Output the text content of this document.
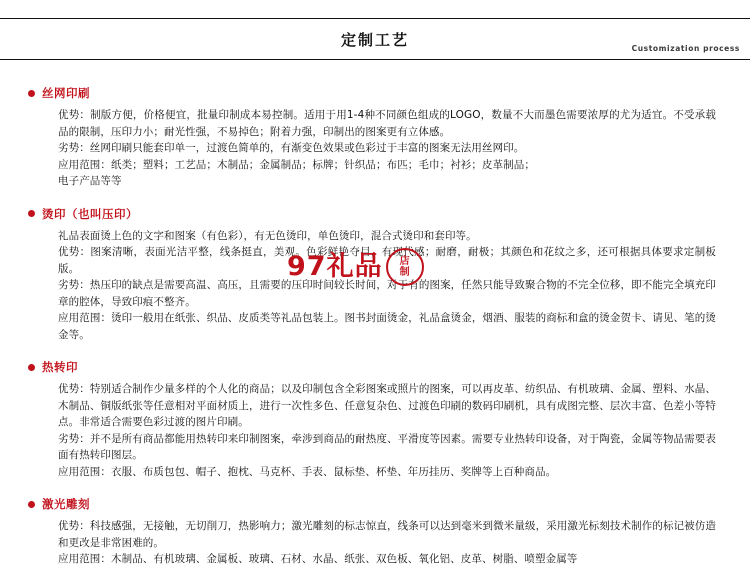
定制工艺	Customization process
丝网印刷

优势：制版方便，价格便宜，批量印制成本易控制。适用于用1-4种不同颜色组成的LOGO，数量不大而墨色需要浓厚的尤为适宜。不受承载品的限制，压印力小；耐光性强，不易掉色；附着力强，印制出的图案更有立体感。

劣势：丝网印刷只能套印单一，过渡色简单的，有渐变色效果或色彩过于丰富的图案无法用丝网印。

应用范围：纸类；塑料；工艺品；木制品；金属制品；标牌；针织品；布匹；毛巾；衬衫；皮革制品；

电子产品等等

烫印（也叫压印）

礼品表面烫上色的文字和图案（有色彩），有无色烫印，单色烫印，混合式烫印和套印等。

优势：图案清晰，表面光洁平整，线条挺直，美观。色彩鲜艳夺目，有现代感；耐磨，耐极；其颜色和花纹之多，还可根据具体要求定制板版。

劣势：热压印的缺点是需要高温、高压，且需要的压印时间较长时间，对于有的图案，任然只能导致聚合物的不完全位移，即不能完全填充印章的腔体，导致印痕不整齐。

应用范围：烫印一般用在纸张、织品、皮质类等礼品包装上。图书封面烫金，礼品盒烫金，烟酒、服装的商标和盒的烫金贺卡、请见、笔的烫金等。

热转印

优势：特别适合制作少量多样的个人化的商品；以及印制包含全彩图案或照片的图案，可以再皮革、纺织品、有机玻璃、金属、塑料、水晶、木制品、铜版纸张等任意相对平面材质上，进行一次性多色、任意复杂色、过渡色印刷的数码印刷机，具有成图完整、层次丰富、色差小等特点。非常适合需要色彩过渡的图片印刷。

劣势：并不是所有商品都能用热转印来印制图案，牵涉到商品的耐热度、平滑度等因素。需要专业热转印设备，对于陶瓷，金属等物品需要表面有热转印图层。

应用范围：衣服、布质包包、帽子、抱枕、马克杯、手表、鼠标垫、杯垫、年历挂历、奖牌等上百种商品。

激光雕刻

优势：科技感强，无接触，无切削刀，热影响力；激光雕刻的标志惊直，线条可以达到毫米到微米量级，采用激光标刻技术制作的标记被仿造和更改是非常困难的。

应用范围：木制品、有机玻璃、金属板、玻璃、石材、水晶、纸张、双色板、氧化铝、皮革、树脂、喷塑金属等

97礼品 店
制
